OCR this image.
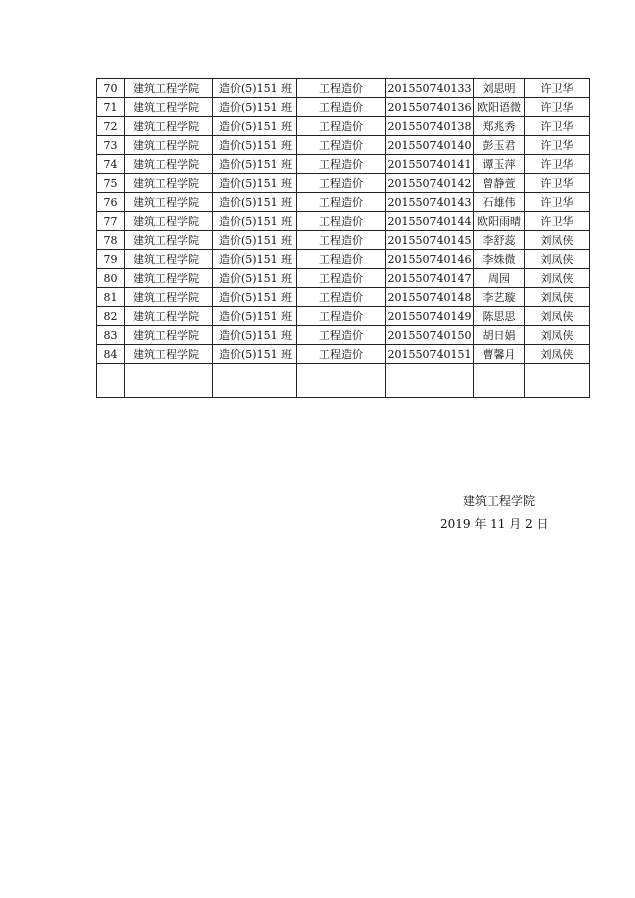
70	建筑工程学院	造价(5)151 班	工程造价	201550740133	刘思明	许卫华
71	建筑工程学院	造价(5)151 班	工程造价	201550740136	欧阳语微	许卫华
72	建筑工程学院	造价(5)151 班	工程造价	201550740138	郑兆秀	许卫华
73	建筑工程学院	造价(5)151 班	工程造价	201550740140	彭玉君	许卫华
74	建筑工程学院	造价(5)151 班	工程造价	201550740141	谭玉萍	许卫华
75	建筑工程学院	造价(5)151 班	工程造价	201550740142	曾静萱	许卫华
76	建筑工程学院	造价(5)151 班	工程造价	201550740143	石雄伟	许卫华
77	建筑工程学院	造价(5)151 班	工程造价	201550740144	欧阳雨晴	许卫华
78	建筑工程学院	造价(5)151 班	工程造价	201550740145	李舒蕊	刘凤侠
79	建筑工程学院	造价(5)151 班	工程造价	201550740146	李姝微	刘凤侠
80	建筑工程学院	造价(5)151 班	工程造价	201550740147	周园	刘凤侠
81	建筑工程学院	造价(5)151 班	工程造价	201550740148	李艺璇	刘凤侠
82	建筑工程学院	造价(5)151 班	工程造价	201550740149	陈思思	刘凤侠
83	建筑工程学院	造价(5)151 班	工程造价	201550740150	胡日娟	刘凤侠
84	建筑工程学院	造价(5)151 班	工程造价	201550740151	曹馨月	刘凤侠

建筑工程学院
2019 年 11 月 2 日
